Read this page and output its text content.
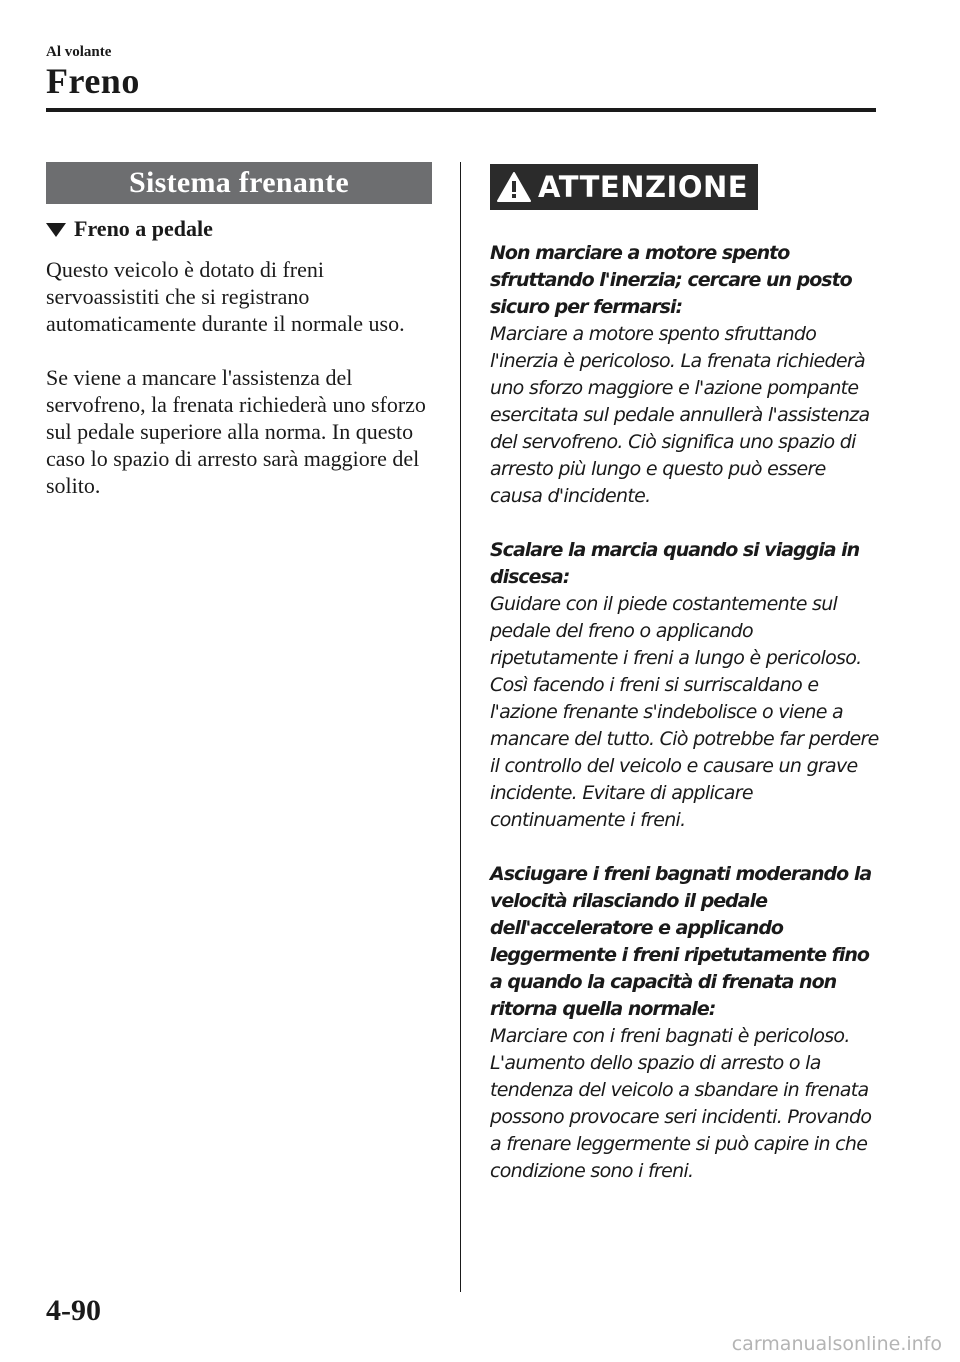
Al volante
Freno
Sistema frenante
Freno a pedale

Questo veicolo è dotato di freni servoassistiti che si registrano automaticamente durante il normale uso.

Se viene a mancare l'assistenza del servofreno, la frenata richiederà uno sforzo sul pedale superiore alla norma. In questo caso lo spazio di arresto sarà maggiore del solito.

ATTENZIONE
Non marciare a motore spento sfruttando l'inerzia; cercare un posto sicuro per fermarsi:
Marciare a motore spento sfruttando l'inerzia è pericoloso. La frenata richiederà uno sforzo maggiore e l'azione pompante esercitata sul pedale annullerà l'assistenza del servofreno. Ciò significa uno spazio di arresto più lungo e questo può essere causa d'incidente.
Scalare la marcia quando si viaggia in discesa:
Guidare con il piede costantemente sul pedale del freno o applicando ripetutamente i freni a lungo è pericoloso. Così facendo i freni si surriscaldano e l'azione frenante s'indebolisce o viene a mancare del tutto. Ciò potrebbe far perdere il controllo del veicolo e causare un grave incidente. Evitare di applicare continuamente i freni.
Asciugare i freni bagnati moderando la velocità rilasciando il pedale dell'acceleratore e applicando leggermente i freni ripetutamente fino a quando la capacità di frenata non ritorna quella normale:
Marciare con i freni bagnati è pericoloso. L'aumento dello spazio di arresto o la tendenza del veicolo a sbandare in frenata possono provocare seri incidenti. Provando a frenare leggermente si può capire in che condizione sono i freni.
4-90
carmanualsonline.info
